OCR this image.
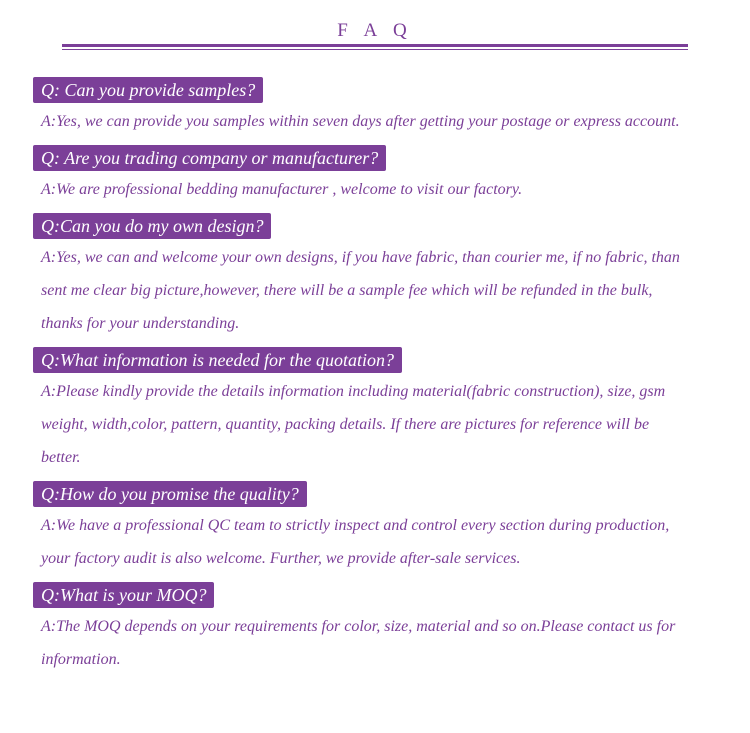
F A Q
Q: Can you provide samples?

A:Yes, we can provide you samples within seven days after getting your postage or express account.

Q: Are you trading company or manufacturer?

A:We are professional bedding manufacturer , welcome to visit our factory.

Q:Can you do my own design?

A:Yes, we can and welcome your own designs, if you have fabric, than courier me, if no fabric, than

sent me clear big picture,however, there will be a sample fee which will be refunded in the bulk,

thanks for your understanding.

Q:What information is needed for the quotation?

A:Please kindly provide the details information including material(fabric construction), size, gsm

weight, width,color, pattern, quantity, packing details. If there are pictures for reference will be

better.

Q:How do you promise the quality?

A:We have a professional QC team to strictly inspect and control every section during production,

your factory audit is also welcome. Further, we provide after-sale services.

Q:What is your MOQ?

A:The MOQ depends on your requirements for color, size, material and so on.Please contact us for

information.
